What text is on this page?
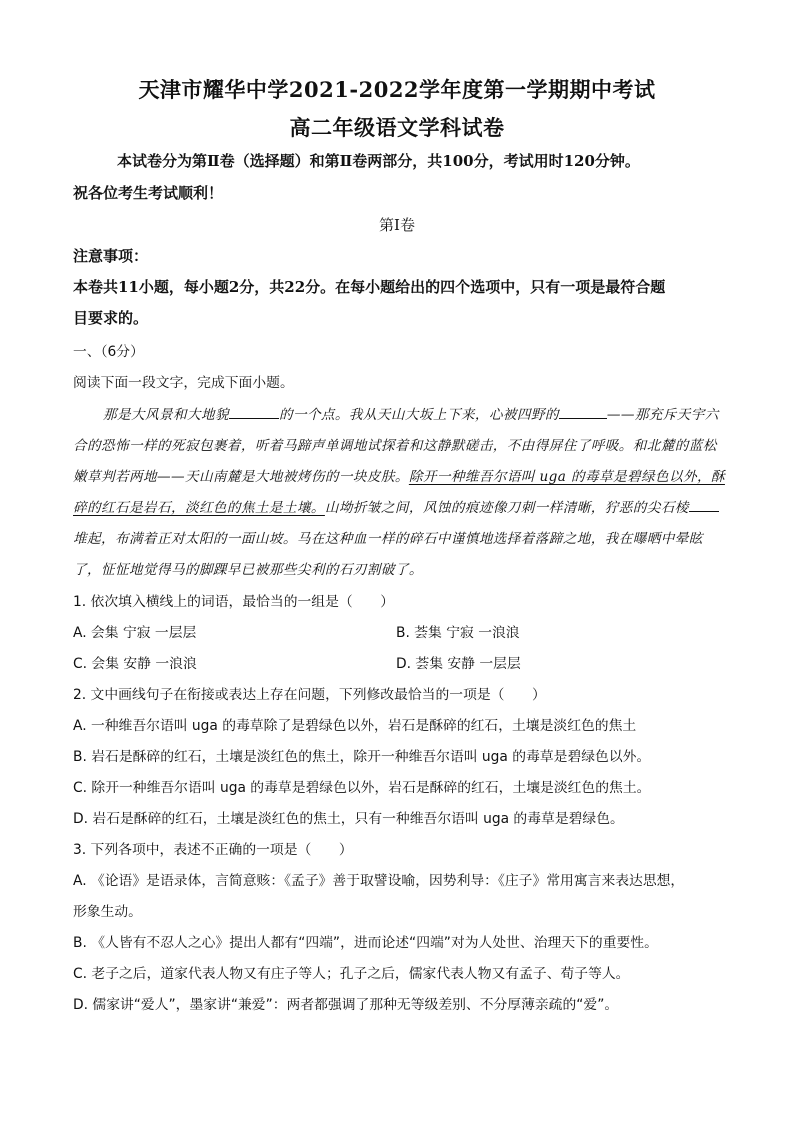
天津市耀华中学2021-2022学年度第一学期期中考试
高二年级语文学科试卷
本试卷分为第Ⅱ卷（选择题）和第Ⅱ卷两部分，共100分，考试用时120分钟。
祝各位考生考试顺利！
第Ⅰ卷
注意事项：
本卷共11小题，每小题2分，共22分。在每小题给出的四个选项中，只有一项是最符合题
目要求的。
一、（6分）
阅读下面一段文字，完成下面小题。
那是大风景和大地貌	的一个点。我从天山大坂上下来，心被四野的	——那充斥天宇六
合的恐怖一样的死寂包裹着，听着马蹄声单调地试探着和这静默磋击，不由得屏住了呼吸。和北麓的蓝松
嫩草判若两地——天山南麓是大地被烤伤的一块皮肤。除开一种维吾尔语叫 uga 的毒草是碧绿色以外，酥
碎的红石是岩石，淡红色的焦土是土壤。山坳折皱之间，风蚀的痕迹像刀刺一样清晰，狞恶的尖石棱
堆起，布满着正对太阳的一面山坡。马在这种血一样的碎石中谨慎地选择着落蹄之地，我在曝晒中晕眩
了，怔怔地觉得马的脚踝早已被那些尖利的石刃割破了。
1. 依次填入横线上的词语，最恰当的一组是（　　）
A. 会集 宁寂 一层层	B. 荟集 宁寂 一浪浪
C. 会集 安静 一浪浪	D. 荟集 安静 一层层
2. 文中画线句子在衔接或表达上存在问题，下列修改最恰当的一项是（　　）
A. 一种维吾尔语叫 uga 的毒草除了是碧绿色以外，岩石是酥碎的红石，土壤是淡红色的焦土
B. 岩石是酥碎的红石，土壤是淡红色的焦土，除开一种维吾尔语叫 uga 的毒草是碧绿色以外。
C. 除开一种维吾尔语叫 uga 的毒草是碧绿色以外，岩石是酥碎的红石，土壤是淡红色的焦土。
D. 岩石是酥碎的红石，土壤是淡红色的焦土，只有一种维吾尔语叫 uga 的毒草是碧绿色。
3. 下列各项中，表述不正确的一项是（　　）
A. 《论语》是语录体，言简意赅：《孟子》善于取譬设喻，因势利导：《庄子》常用寓言来表达思想，
形象生动。
B. 《人皆有不忍人之心》提出人都有“四端”，进而论述“四端”对为人处世、治理天下的重要性。
C. 老子之后，道家代表人物又有庄子等人；孔子之后，儒家代表人物又有孟子、荀子等人。
D. 儒家讲“爱人”，墨家讲“兼爱”：两者都强调了那种无等级差别、不分厚薄亲疏的“爱”。
